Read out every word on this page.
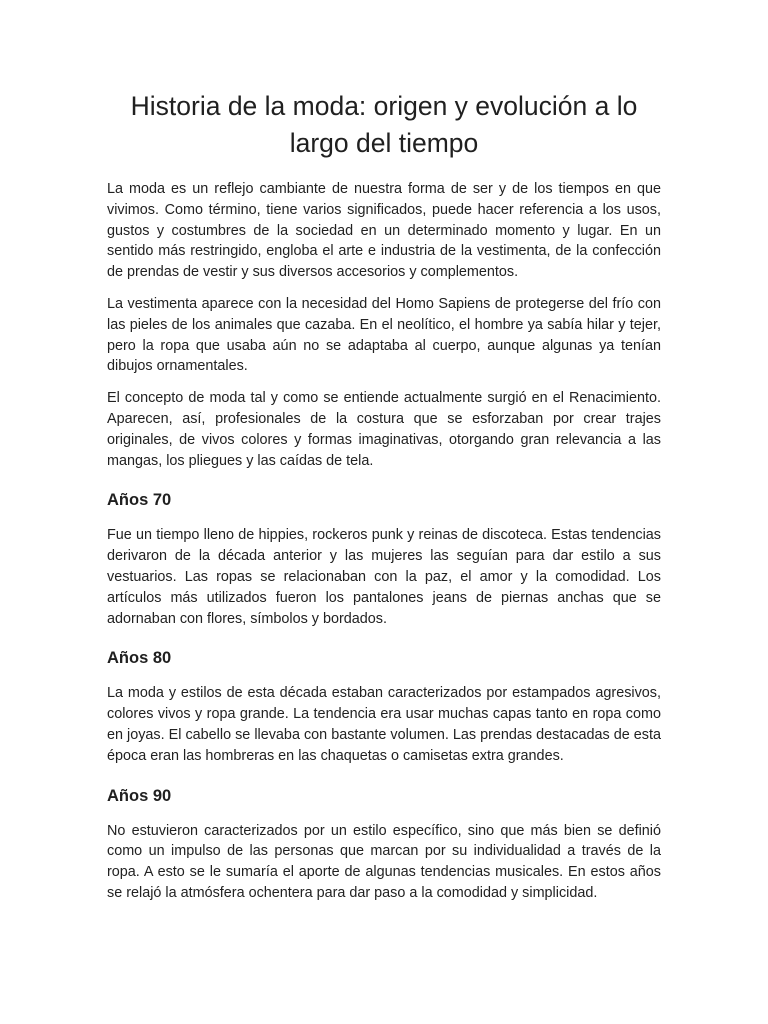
Historia de la moda: origen y evolución a lo largo del tiempo

La moda es un reflejo cambiante de nuestra forma de ser y de los tiempos en que vivimos. Como término, tiene varios significados, puede hacer referencia a los usos, gustos y costumbres de la sociedad en un determinado momento y lugar. En un sentido más restringido, engloba el arte e industria de la vestimenta, de la confección de prendas de vestir y sus diversos accesorios y complementos.

La vestimenta aparece con la necesidad del Homo Sapiens de protegerse del frío con las pieles de los animales que cazaba. En el neolítico, el hombre ya sabía hilar y tejer, pero la ropa que usaba aún no se adaptaba al cuerpo, aunque algunas ya tenían dibujos ornamentales.

El concepto de moda tal y como se entiende actualmente surgió en el Renacimiento. Aparecen, así, profesionales de la costura que se esforzaban por crear trajes originales, de vivos colores y formas imaginativas, otorgando gran relevancia a las mangas, los pliegues y las caídas de tela.

Años 70

Fue un tiempo lleno de hippies, rockeros punk y reinas de discoteca. Estas tendencias derivaron de la década anterior y las mujeres las seguían para dar estilo a sus vestuarios. Las ropas se relacionaban con la paz, el amor y la comodidad. Los artículos más utilizados fueron los pantalones jeans de piernas anchas que se adornaban con flores, símbolos y bordados.

Años 80

La moda y estilos de esta década estaban caracterizados por estampados agresivos, colores vivos y ropa grande. La tendencia era usar muchas capas tanto en ropa como en joyas. El cabello se llevaba con bastante volumen. Las prendas destacadas de esta época eran las hombreras en las chaquetas o camisetas extra grandes.

Años 90

No estuvieron caracterizados por un estilo específico, sino que más bien se definió como un impulso de las personas que marcan por su individualidad a través de la ropa. A esto se le sumaría el aporte de algunas tendencias musicales. En estos años se relajó la atmósfera ochentera para dar paso a la comodidad y simplicidad.
